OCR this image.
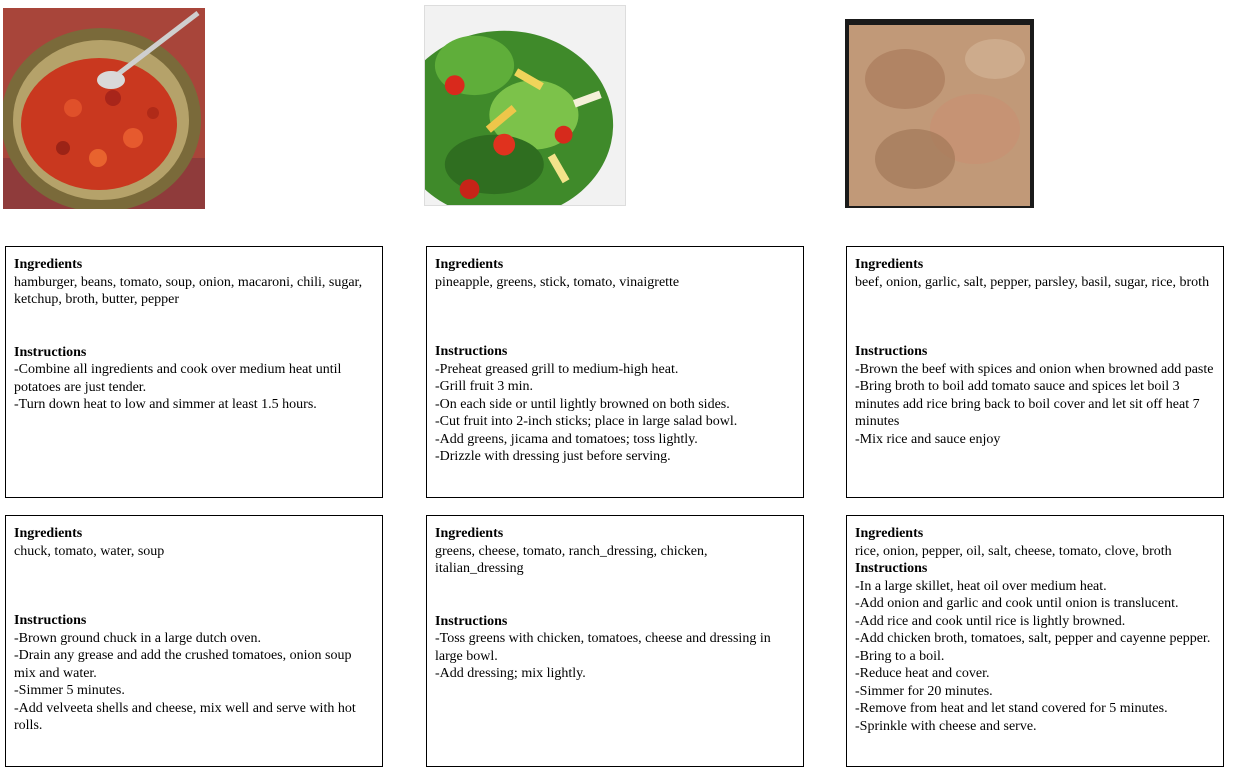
Ingredients
hamburger, beans, tomato, soup, onion, macaroni, chili, sugar, ketchup, broth, butter, pepper
Instructions
-Combine all ingredients and cook over medium heat until potatoes are just tender.
-Turn down heat to low and simmer at least 1.5 hours.
Ingredients
pineapple, greens, stick, tomato, vinaigrette
Instructions
-Preheat greased grill to medium-high heat.
-Grill fruit 3 min.
-On each side or until lightly browned on both sides.
-Cut fruit into 2-inch sticks; place in large salad bowl.
-Add greens, jicama and tomatoes; toss lightly.
-Drizzle with dressing just before serving.
Ingredients
beef, onion, garlic, salt, pepper, parsley, basil, sugar, rice, broth
Instructions
-Brown the beef with spices and onion when browned add paste
-Bring broth to boil add tomato sauce and spices let boil 3 minutes add rice bring back to boil cover and let sit off heat 7 minutes
-Mix rice and sauce enjoy
Ingredients
chuck, tomato, water, soup
Instructions
-Brown ground chuck in a large dutch oven.
-Drain any grease and add the crushed tomatoes, onion soup mix and water.
-Simmer 5 minutes.
-Add velveeta shells and cheese, mix well and serve with hot rolls.
Ingredients
greens, cheese, tomato, ranch_dressing, chicken, italian_dressing
Instructions
-Toss greens with chicken, tomatoes, cheese and dressing in large bowl.
-Add dressing; mix lightly.
Ingredients
rice, onion, pepper, oil, salt, cheese, tomato, clove, broth
Instructions
-In a large skillet, heat oil over medium heat.
-Add onion and garlic and cook until onion is translucent.
-Add rice and cook until rice is lightly browned.
-Add chicken broth, tomatoes, salt, pepper and cayenne pepper.
-Bring to a boil.
-Reduce heat and cover.
-Simmer for 20 minutes.
-Remove from heat and let stand covered for 5 minutes.
-Sprinkle with cheese and serve.
